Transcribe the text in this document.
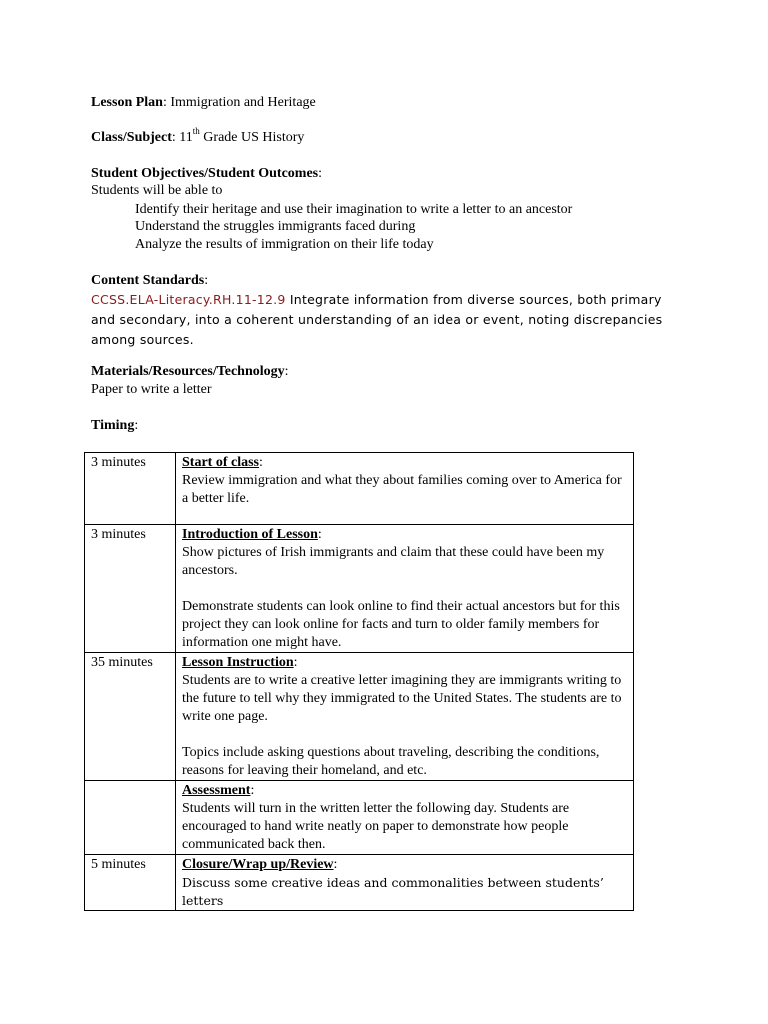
Lesson Plan: Immigration and Heritage
Class/Subject: 11th Grade US History
Student Objectives/Student Outcomes:
Students will be able to
Identify their heritage and use their imagination to write a letter to an ancestor
Understand the struggles immigrants faced during
Analyze the results of immigration on their life today
Content Standards:
CCSS.ELA-Literacy.RH.11-12.9 Integrate information from diverse sources, both primary and secondary, into a coherent understanding of an idea or event, noting discrepancies among sources.
Materials/Resources/Technology:
Paper to write a letter
Timing:
3 minutes	Start of class:
Review immigration and what they about families coming over to America for a better life.

3 minutes	Introduction of Lesson:
Show pictures of Irish immigrants and claim that these could have been my ancestors.
Demonstrate students can look online to find their actual ancestors but for this project they can look online for facts and turn to older family members for information one might have.

35 minutes	Lesson Instruction:
Students are to write a creative letter imagining they are immigrants writing to the future to tell why they immigrated to the United States. The students are to write one page.
Topics include asking questions about traveling, describing the conditions, reasons for leaving their homeland, and etc.

	Assessment:
Students will turn in the written letter the following day. Students are encouraged to hand write neatly on paper to demonstrate how people communicated back then.

5 minutes	Closure/Wrap up/Review:
Discuss some creative ideas and commonalities between students’ letters
